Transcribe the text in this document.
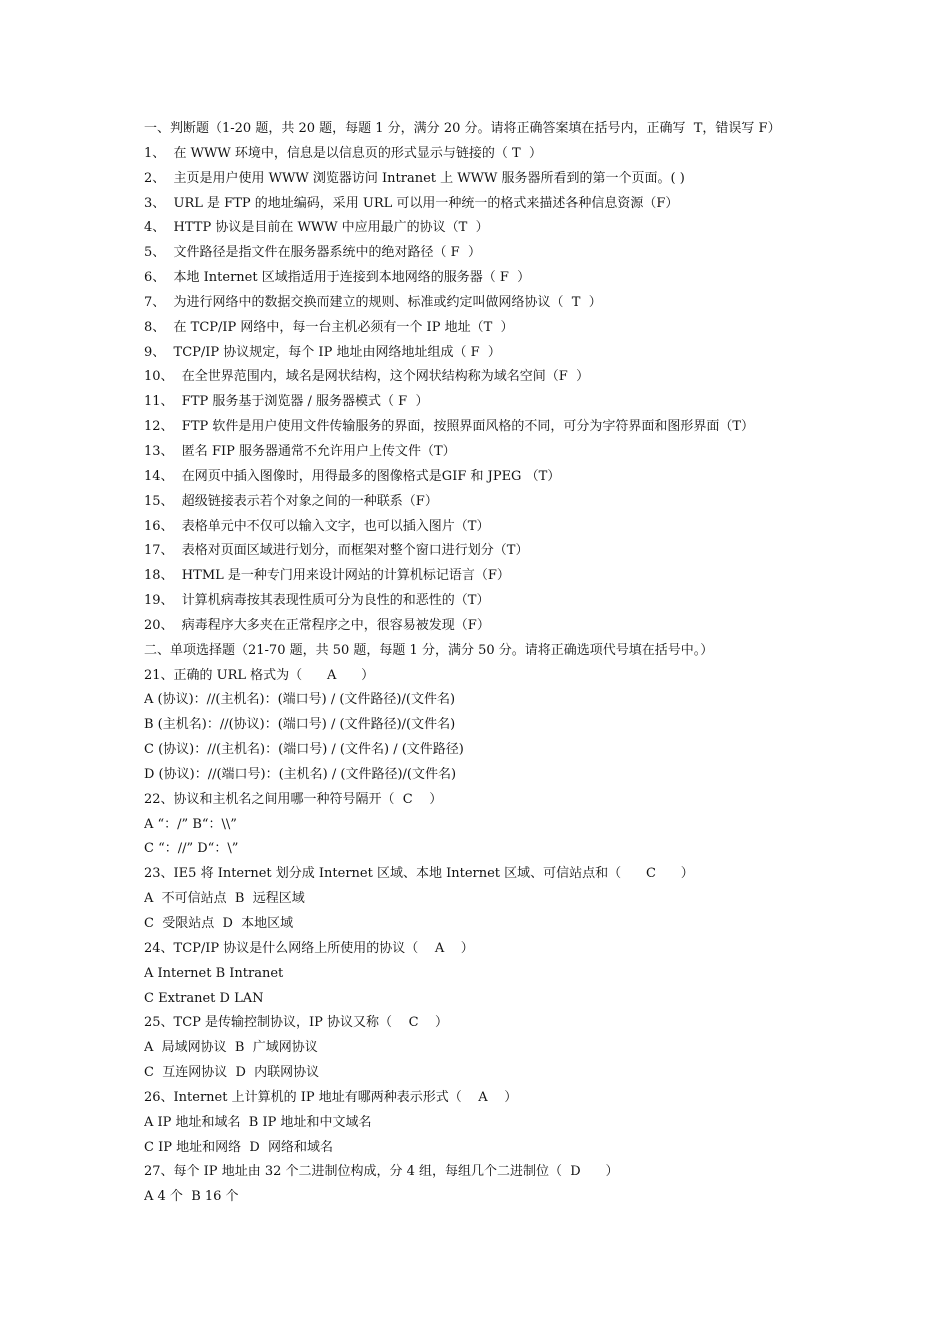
一、判断题（1-20 题，共 20 题，每题 1 分，满分 20 分。请将正确答案填在括号内，正确写  T，错误写 F）
1、  在 WWW 环境中，信息是以信息页的形式显示与链接的（ T  ）
2、  主页是用户使用 WWW 浏览器访问 Intranet 上 WWW 服务器所看到的第一个页面。( )
3、  URL 是 FTP 的地址编码，采用 URL 可以用一种统一的格式来描述各种信息资源（F）
4、  HTTP 协议是目前在 WWW 中应用最广的协议（T  ）
5、  文件路径是指文件在服务器系统中的绝对路径（ F  ）
6、  本地 Internet 区域指适用于连接到本地网络的服务器（ F  ）
7、  为进行网络中的数据交换而建立的规则、标准或约定叫做网络协议（  T  ）
8、  在 TCP/IP 网络中，每一台主机必须有一个 IP 地址（T  ）
9、  TCP/IP 协议规定，每个 IP 地址由网络地址组成（ F  ）
10、  在全世界范围内，域名是网状结构，这个网状结构称为域名空间（F  ）
11、  FTP 服务基于浏览器 / 服务器模式（ F  ）
12、  FTP 软件是用户使用文件传输服务的界面，按照界面风格的不同，可分为字符界面和图形界面（T）
13、  匿名 FIP 服务器通常不允许用户上传文件（T）
14、  在网页中插入图像时，用得最多的图像格式是GIF 和 JPEG （T）
15、  超级链接表示若个对象之间的一种联系（F）
16、  表格单元中不仅可以输入文字，也可以插入图片（T）
17、  表格对页面区域进行划分，而框架对整个窗口进行划分（T）
18、  HTML 是一种专门用来设计网站的计算机标记语言（F）
19、  计算机病毒按其表现性质可分为良性的和恶性的（T）
20、  病毒程序大多夹在正常程序之中，很容易被发现（F）
二、单项选择题（21-70 题，共 50 题，每题 1 分，满分 50 分。请将正确选项代号填在括号中。）
21、正确的 URL 格式为（      A      ）
A (协议)：//(主机名)：(端口号) / (文件路径)/(文件名)
B (主机名)：//(协议)：(端口号) / (文件路径)/(文件名)
C (协议)：//(主机名)：(端口号) / (文件名) / (文件路径)
D (协议)：//(端口号)：(主机名) / (文件路径)/(文件名)
22、协议和主机名之间用哪一种符号隔开（  C    ）
A “：/” B“：\\”
C “：//” D“：\”
23、IE5 将 Internet 划分成 Internet 区域、本地 Internet 区域、可信站点和（      C      ）
A  不可信站点  B  远程区域
C  受限站点  D  本地区域
24、TCP/IP 协议是什么网络上所使用的协议（    A    ）
A Internet B Intranet
C Extranet D LAN
25、TCP 是传输控制协议，IP 协议又称（    C    ）
A  局域网协议  B  广域网协议
C  互连网协议  D  内联网协议
26、Internet 上计算机的 IP 地址有哪两种表示形式（    A    ）
A IP 地址和域名  B IP 地址和中文域名
C IP 地址和网络  D  网络和域名
27、每个 IP 地址由 32 个二进制位构成，分 4 组，每组几个二进制位（  D      ）
A 4 个  B 16 个
